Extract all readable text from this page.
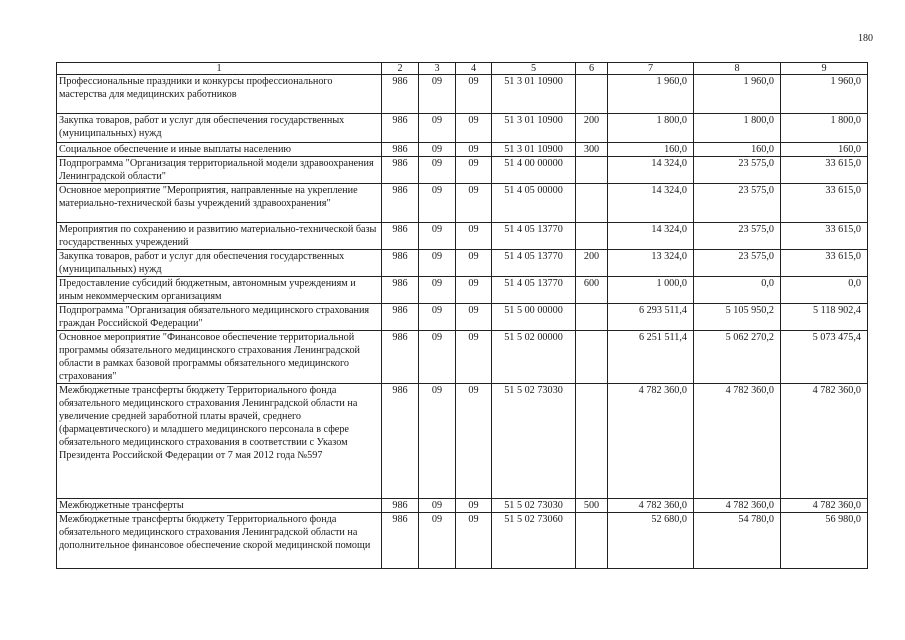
180
1	2	3	4	5	6	7	8	9
Профессиональные праздники и конкурсы профессионального мастерства для медицинских работников	986	09	09	51 3 01 10900		1 960,0	1 960,0	1 960,0
Закупка товаров, работ и услуг для обеспечения государственных (муниципальных) нужд	986	09	09	51 3 01 10900	200	1 800,0	1 800,0	1 800,0
Социальное обеспечение и иные выплаты населению	986	09	09	51 3 01 10900	300	160,0	160,0	160,0
Подпрограмма "Организация территориальной модели здравоохранения Ленинградской области"	986	09	09	51 4 00 00000		14 324,0	23 575,0	33 615,0
Основное мероприятие "Мероприятия, направленные на укрепление материально-технической базы учреждений здравоохранения"	986	09	09	51 4 05 00000		14 324,0	23 575,0	33 615,0
Мероприятия по сохранению и развитию материально-технической базы государственных учреждений	986	09	09	51 4 05 13770		14 324,0	23 575,0	33 615,0
Закупка товаров, работ и услуг для обеспечения государственных (муниципальных) нужд	986	09	09	51 4 05 13770	200	13 324,0	23 575,0	33 615,0
Предоставление субсидий бюджетным, автономным учреждениям и иным некоммерческим организациям	986	09	09	51 4 05 13770	600	1 000,0	0,0	0,0
Подпрограмма "Организация обязательного медицинского страхования граждан Российской Федерации"	986	09	09	51 5 00 00000		6 293 511,4	5 105 950,2	5 118 902,4
Основное мероприятие "Финансовое обеспечение территориальной программы обязательного медицинского страхования Ленинградской области в рамках базовой программы обязательного медицинского страхования"	986	09	09	51 5 02 00000		6 251 511,4	5 062 270,2	5 073 475,4
Межбюджетные трансферты бюджету Территориального фонда обязательного медицинского страхования Ленинградской области на увеличение средней заработной платы врачей, среднего (фармацевтического) и младшего медицинского персонала в сфере обязательного медицинского страхования в соответствии с Указом Президента Российской Федерации от 7 мая 2012 года №597	986	09	09	51 5 02 73030		4 782 360,0	4 782 360,0	4 782 360,0
Межбюджетные трансферты	986	09	09	51 5 02 73030	500	4 782 360,0	4 782 360,0	4 782 360,0
Межбюджетные трансферты бюджету Территориального фонда обязательного медицинского страхования Ленинградской области на дополнительное финансовое обеспечение скорой медицинской помощи	986	09	09	51 5 02 73060		52 680,0	54 780,0	56 980,0
